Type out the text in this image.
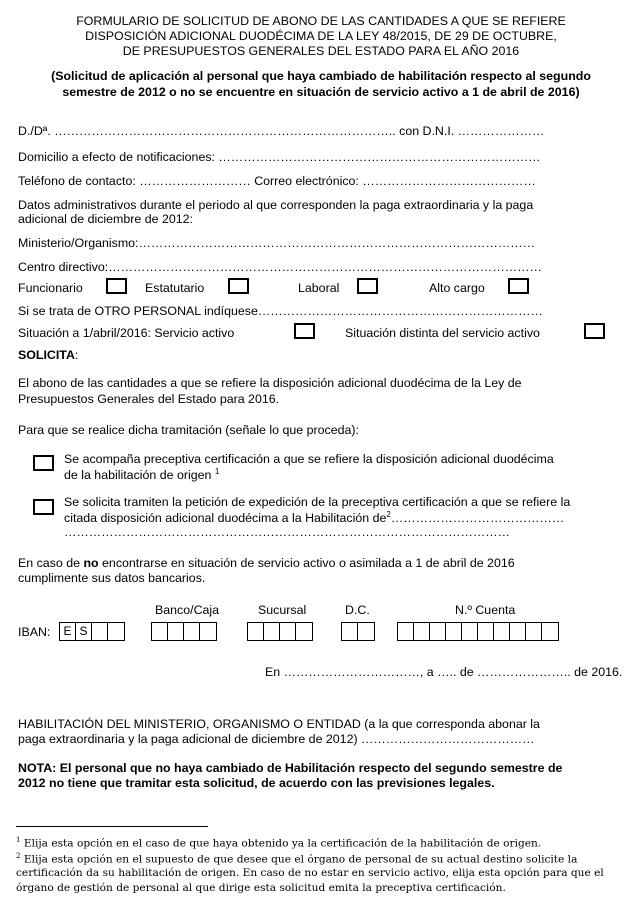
FORMULARIO DE SOLICITUD DE ABONO DE LAS CANTIDADES A QUE SE REFIERE
DISPOSICIÓN ADICIONAL DUODÉCIMA DE LA LEY 48/2015, DE 29 DE OCTUBRE,
DE PRESUPUESTOS GENERALES DEL ESTADO PARA EL AÑO 2016
(Solicitud de aplicación al personal que haya cambiado de habilitación respecto al segundo
semestre de 2012 o no se encuentre en situación de servicio activo a 1 de abril de 2016)
D./Dª. ……………………………………………………………………….. con D.N.I. …………………
Domicilio a efecto de notificaciones: ……………………………………………………………………
Teléfono de contacto: ……………………… Correo electrónico: ……………………………………
Datos administrativos durante el periodo al que corresponden la paga extraordinaria y la paga
adicional de diciembre de 2012:
Ministerio/Organismo:……………………………………………………………………………………
Centro directivo:……………………………………………………………………………………………
Funcionario	Estatutario	Laboral	Alto cargo
Si se trata de OTRO PERSONAL indíquese……………………………………………………………
Situación a 1/abril/2016: Servicio activo	Situación distinta del servicio activo
SOLICITA:
El abono de las cantidades a que se refiere la disposición adicional duodécima de la Ley de
Presupuestos Generales del Estado para 2016.
Para que se realice dicha tramitación (señale lo que proceda):
Se acompaña preceptiva certificación a que se refiere la disposición adicional duodécima
de la habilitación de origen $^1$
Se solicita tramiten la petición de expedición de la preceptiva certificación a que se refiere la
citada disposición adicional duodécima a la Habilitación $de^2\dots\dots\dots\dots\dots\dots\dots\dots\dots\dots\dots\dots\dots\dots$
………………………………………………………………………………………………
En caso de no encontrarse en situación de servicio activo o asimilada a 1 de abril de 2016
cumplimente sus datos bancarios.
Banco/Caja	Sucursal	D.C.	N.º Cuenta
IBAN: E S
En ……………………………, a ….. de ………………….. de 2016.
HABILITACIÓN DEL MINISTERIO, ORGANISMO O ENTIDAD (a la que corresponda abonar la
paga extraordinaria y la paga adicional de diciembre de 2012) ……………………………………
NOTA: El personal que no haya cambiado de Habilitación respecto del segundo semestre de
2012 no tiene que tramitar esta solicitud, de acuerdo con las previsiones legales.
$^1$ Elija esta opción en el caso de que haya obtenido ya la certificación de la habilitación de origen.
$^2$ Elija esta opción en el supuesto de que desee que el órgano de personal de su actual destino solicite la
certificación da su habilitación de origen. En caso de no estar en servicio activo, elija esta opción para que el
órgano de gestión de personal al que dirige esta solicitud emita la preceptiva certificación.
